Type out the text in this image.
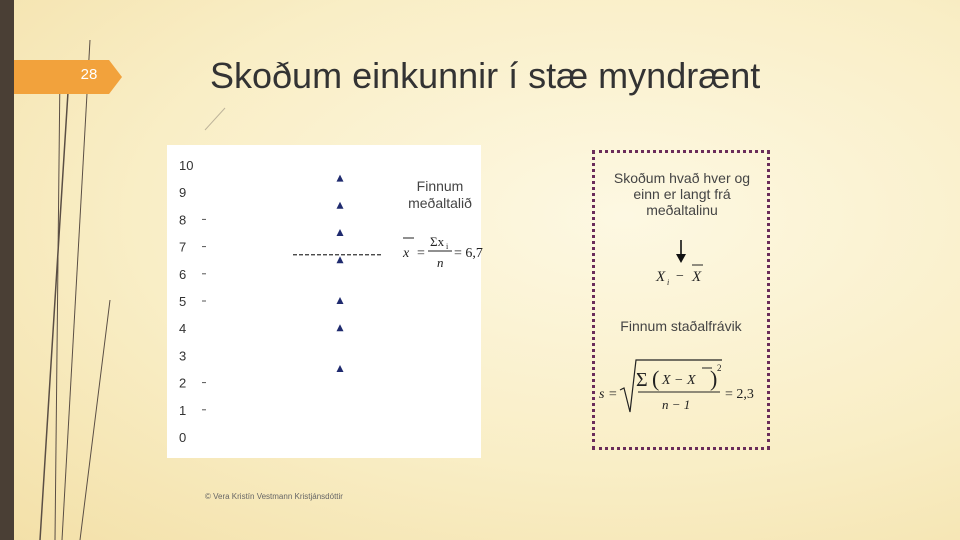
28	Skoðum einkunnir í stæ myndrænt
0
1
2
3
4
5
6
7
8
9
10
Finnum meðaltalið
x =
Σx i
n
= 6,7
Skoðum hvað hver og einn er langt frá meðaltalinu
X i − X
Finnum staðalfrávik
s =
Σ ( X − X ) 2
n − 1
= 2,3
© Vera Kristín Vestmann Kristjánsdóttir
